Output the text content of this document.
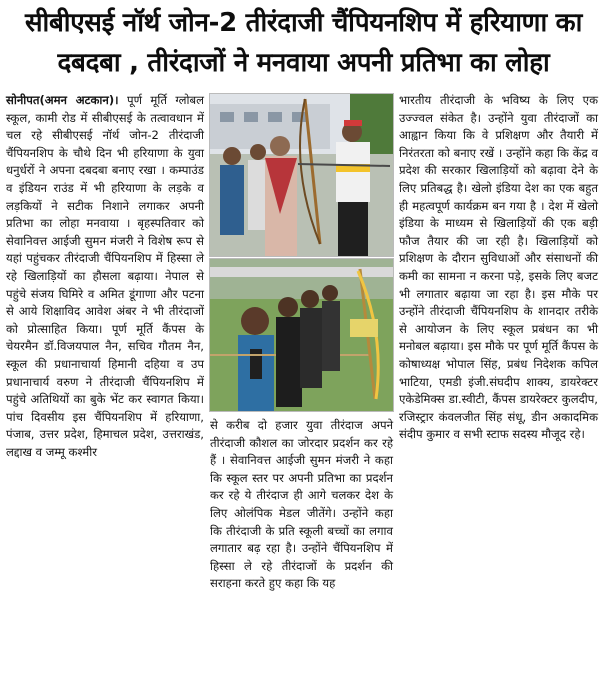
सीबीएसई नॉर्थ जोन-2 तीरंदाजी चैंपियनशिप में हरियाणा का
दबदबा , तीरंदाजों ने मनवाया अपनी प्रतिभा का लोहा

सोनीपत(अमन अटकान)। पूर्ण मूर्ति ग्लोबल स्कूल, कामी रोड में सीबीएसई के तत्वावधान में चल रहे सीबीएसई नॉर्थ जोन-2 तीरंदाजी चैंपियनशिप के चौथे दिन भी हरियाणा के युवा धनुर्धरों ने अपना दबदबा बनाए रखा । कम्पाउंड व इंडियन राउंड में भी हरियाणा के लड़के व लड़कियों ने सटीक निशाने लगाकर अपनी प्रतिभा का लोहा मनवाया । बृहस्पतिवार को सेवानिवत्त आईजी सुमन मंजरी ने विशेष रूप से यहां पहुंचकर तीरंदाजी चैंपियनशिप में हिस्सा ले रहे खिलाड़ियों का हौसला बढ़ाया। नेपाल से पहुंचे संजय घिमिरे व अमित डूंगाणा और पटना से आये शिक्षाविद आवेश अंबर ने भी तीरंदाजों को प्रोत्साहित किया। पूर्ण मूर्ति कैंपस के चेयरमैन डॉ.विजयपाल नैन, सचिव गौतम नैन, स्कूल की प्रधानाचार्या हिमानी दहिया व उप प्रधानाचार्य वरुण ने तीरंदाजी चैंपियनशिप में पहुंचे अतिथियों का बुके भेंट कर स्वागत किया। पांच दिवसीय इस चैंपियनशिप में हरियाणा, पंजाब, उत्तर प्रदेश, हिमाचल प्रदेश, उत्तराखंड, लद्दाख व जम्मू कश्मीर

से करीब दो हजार युवा तीरंदाज अपने तीरंदाजी कौशल का जोरदार प्रदर्शन कर रहे हैं । सेवानिवत्त आईजी सुमन मंजरी ने कहा कि स्कूल स्तर पर अपनी प्रतिभा का प्रदर्शन कर रहे ये तीरंदाज ही आगे चलकर देश के लिए ओलंपिक मेडल जीतेंगे। उन्होंने कहा कि तीरंदाजी के प्रति स्कूली बच्चों का लगाव लगातार बढ़ रहा है। उन्होंने चैंपियनशिप में हिस्सा ले रहे तीरंदाजों के प्रदर्शन की सराहना करते हुए कहा कि यह

भारतीय तीरंदाजी के भविष्य के लिए एक उज्ज्वल संकेत है। उन्होंने युवा तीरंदाजों का आह्वान किया कि वे प्रशिक्षण और तैयारी में निरंतरता को बनाए रखें । उन्होंने कहा कि केंद्र व प्रदेश की सरकार खिलाड़ियों को बढ़ावा देने के लिए प्रतिबद्ध है। खेलो इंडिया देश का एक बहुत ही महत्वपूर्ण कार्यक्रम बन गया है । देश में खेलो इंडिया के माध्यम से खिलाड़ियों की एक बड़ी फौज तैयार की जा रही है। खिलाड़ियों को प्रशिक्षण के दौरान सुविधाओं और संसाधनों की कमी का सामना न करना पड़े, इसके लिए बजट भी लगातार बढ़ाया जा रहा है। इस मौके पर उन्होंने तीरंदाजी चैंपियनशिप के शानदार तरीके से आयोजन के लिए स्कूल प्रबंधन का भी मनोबल बढ़ाया। इस मौके पर पूर्ण मूर्ति कैंपस के कोषाध्यक्ष भोपाल सिंह, प्रबंध निदेशक कपिल भाटिया, एमडी इंजी.संघदीप शाक्य, डायरेक्टर एकेडेमिक्स डा.स्वीटी, कैंपस डायरेक्टर कुलदीप, रजिस्ट्रार कंवलजीत सिंह संधू, डीन अकादमिक संदीप कुमार व सभी स्टाफ सदस्य मौजूद रहे।
